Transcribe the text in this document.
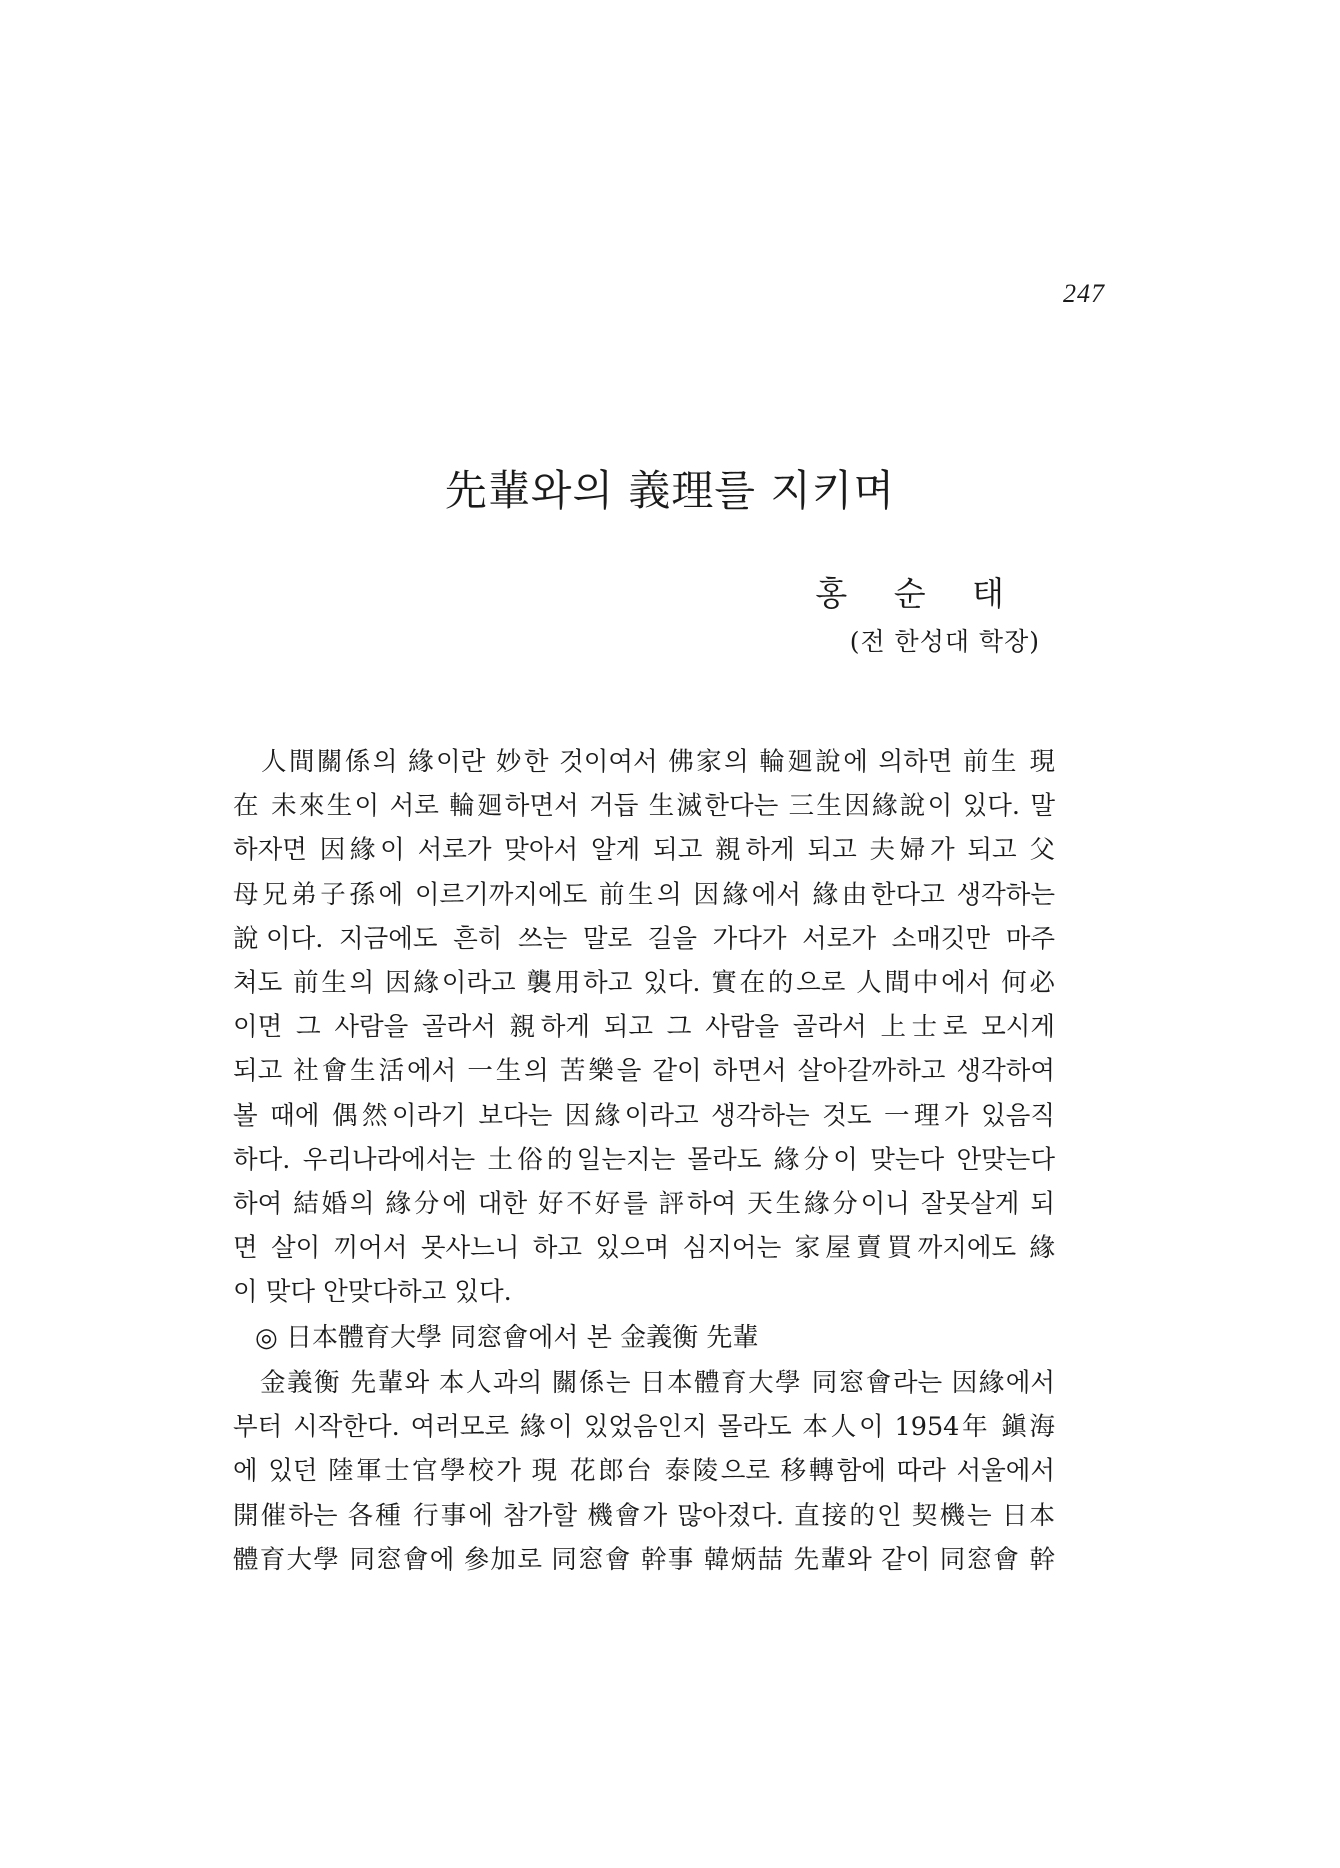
247
先輩와의 義理를 지키며
홍 순 태
(전 한성대 학장)

　人間關係의 緣이란 妙한 것이여서 佛家의 輪廻說에 의하면 前生 現
在 未來生이 서로 輪廻하면서 거듭 生滅한다는 三生因緣說이 있다. 말
하자면 因緣이 서로가 맞아서 알게 되고 親하게 되고 夫婦가 되고 父
母兄弟子孫에 이르기까지에도 前生의 因緣에서 緣由한다고 생각하는
說이다. 지금에도 흔히 쓰는 말로 길을 가다가 서로가 소매깃만 마주
쳐도 前生의 因緣이라고 襲用하고 있다. 實在的으로 人間中에서 何必
이면 그 사람을 골라서 親하게 되고 그 사람을 골라서 上士로 모시게
되고 社會生活에서 一生의 苦樂을 같이 하면서 살아갈까하고 생각하여
볼 때에 偶然이라기 보다는 因緣이라고 생각하는 것도 一理가 있음직
하다. 우리나라에서는 土俗的일는지는 몰라도 緣分이 맞는다 안맞는다
하여 結婚의 緣分에 대한 好不好를 評하여 天生緣分이니 잘못살게 되
면 살이 끼어서 못사느니 하고 있으며 심지어는 家屋賣買까지에도 緣
이 맞다 안맞다하고 있다.

◎ 日本體育大學 同窓會에서 본 金義衡 先輩

　金義衡 先輩와 本人과의 關係는 日本體育大學 同窓會라는 因緣에서
부터 시작한다. 여러모로 緣이 있었음인지 몰라도 本人이 1954年 鎭海
에 있던 陸軍士官學校가 現 花郎台 泰陵으로 移轉함에 따라 서울에서
開催하는 各種 行事에 참가할 機會가 많아졌다. 直接的인 契機는 日本
體育大學 同窓會에 參加로 同窓會 幹事 韓炳喆 先輩와 같이 同窓會 幹
